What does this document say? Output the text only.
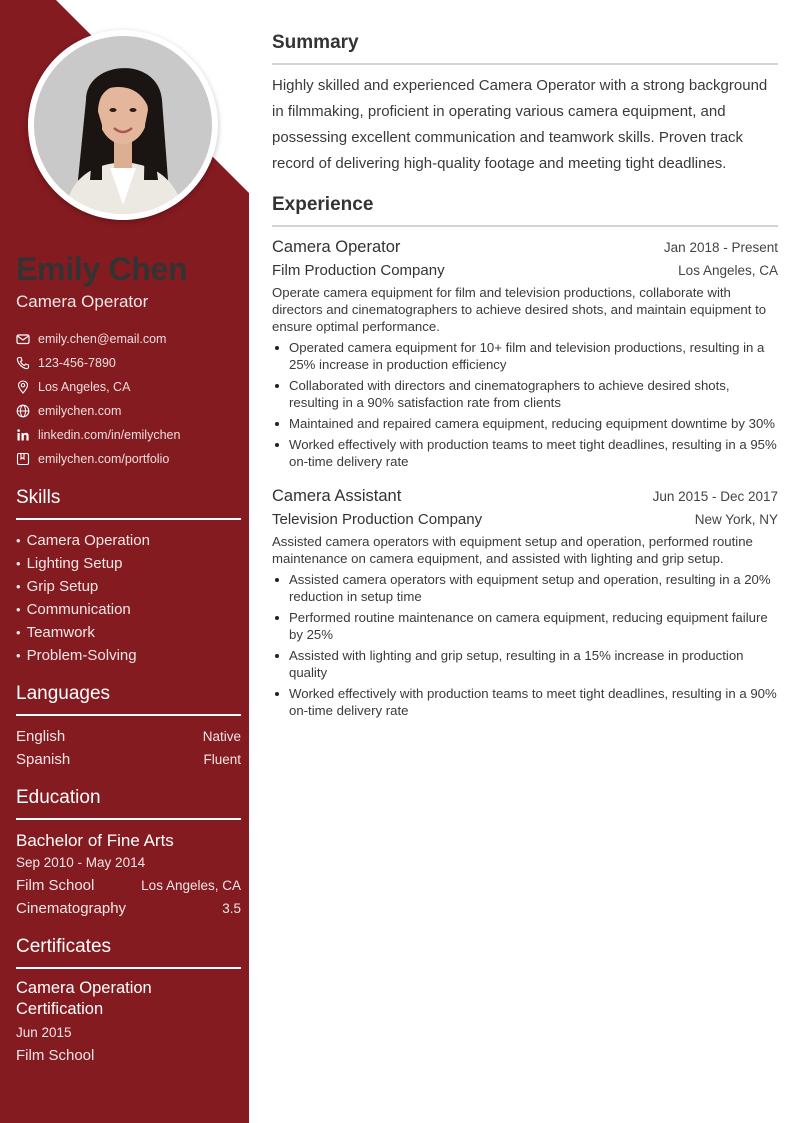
Emily Chen
Camera Operator
emily.chen@email.com
123-456-7890
Los Angeles, CA
emilychen.com
linkedin.com/in/emilychen
emilychen.com/portfolio
Skills
• Camera Operation
• Lighting Setup
• Grip Setup
• Communication
• Teamwork
• Problem-Solving
Languages
English	Native
Spanish	Fluent
Education
Bachelor of Fine Arts
Sep 2010 - May 2014
Film School	Los Angeles, CA
Cinematography	3.5
Certificates
Camera Operation Certification
Jun 2015
Film School
Summary

Highly skilled and experienced Camera Operator with a strong background in filmmaking, proficient in operating various camera equipment, and possessing excellent communication and teamwork skills. Proven track record of delivering high-quality footage and meeting tight deadlines.

Experience
Camera Operator	Jan 2018 - Present
Film Production Company	Los Angeles, CA
Operate camera equipment for film and television productions, collaborate with directors and cinematographers to achieve desired shots, and maintain equipment to ensure optimal performance.
Operated camera equipment for 10+ film and television productions, resulting in a 25% increase in production efficiency
Collaborated with directors and cinematographers to achieve desired shots, resulting in a 90% satisfaction rate from clients
Maintained and repaired camera equipment, reducing equipment downtime by 30%
Worked effectively with production teams to meet tight deadlines, resulting in a 95% on-time delivery rate
Camera Assistant	Jun 2015 - Dec 2017
Television Production Company	New York, NY
Assisted camera operators with equipment setup and operation, performed routine maintenance on camera equipment, and assisted with lighting and grip setup.
Assisted camera operators with equipment setup and operation, resulting in a 20% reduction in setup time
Performed routine maintenance on camera equipment, reducing equipment failure by 25%
Assisted with lighting and grip setup, resulting in a 15% increase in production quality
Worked effectively with production teams to meet tight deadlines, resulting in a 90% on-time delivery rate
